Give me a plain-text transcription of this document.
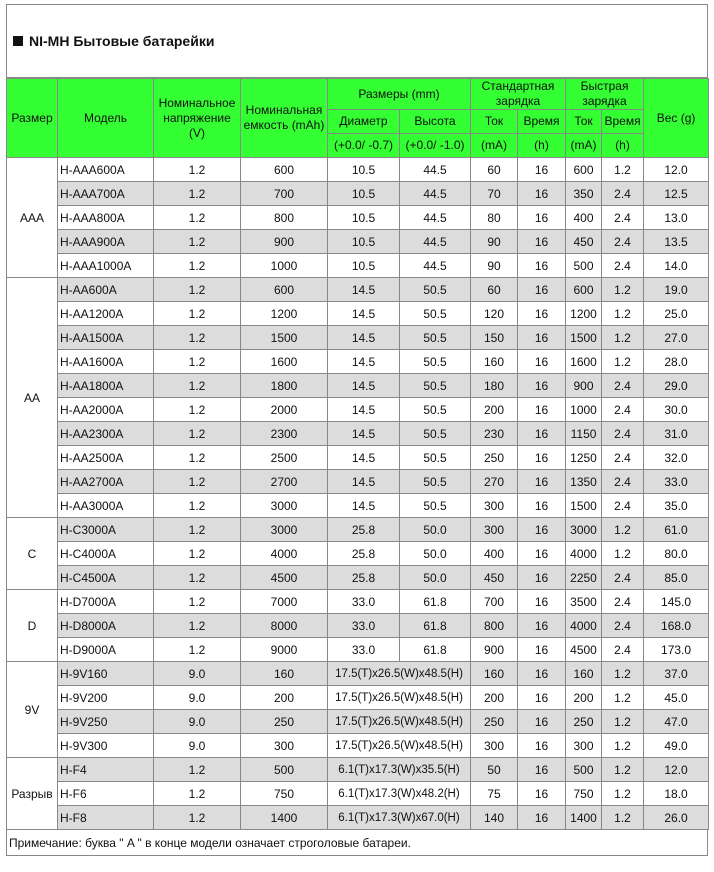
NI-MH Бытовые батарейки
Размер	Модель	Номинальное напряжение (V)	Номинальная емкость (mAh)	Размеры (mm)		Стандартная зарядка		Быстрая зарядка		Вес (g)
				Диаметр	Высота	Ток	Время	Ток	Время	
				(+0.0/ -0.7)	(+0.0/ -1.0)	(mA)	(h)	(mA)	(h)	
AAA	H-AAA600A	1.2	600	10.5	44.5	60	16	600	1.2	12.0
	H-AAA700A	1.2	700	10.5	44.5	70	16	350	2.4	12.5
	H-AAA800A	1.2	800	10.5	44.5	80	16	400	2.4	13.0
	H-AAA900A	1.2	900	10.5	44.5	90	16	450	2.4	13.5
	H-AAA1000A	1.2	1000	10.5	44.5	90	16	500	2.4	14.0
AA	H-AA600A	1.2	600	14.5	50.5	60	16	600	1.2	19.0
	H-AA1200A	1.2	1200	14.5	50.5	120	16	1200	1.2	25.0
	H-AA1500A	1.2	1500	14.5	50.5	150	16	1500	1.2	27.0
	H-AA1600A	1.2	1600	14.5	50.5	160	16	1600	1.2	28.0
	H-AA1800A	1.2	1800	14.5	50.5	180	16	900	2.4	29.0
	H-AA2000A	1.2	2000	14.5	50.5	200	16	1000	2.4	30.0
	H-AA2300A	1.2	2300	14.5	50.5	230	16	1150	2.4	31.0
	H-AA2500A	1.2	2500	14.5	50.5	250	16	1250	2.4	32.0
	H-AA2700A	1.2	2700	14.5	50.5	270	16	1350	2.4	33.0
	H-AA3000A	1.2	3000	14.5	50.5	300	16	1500	2.4	35.0
C	H-C3000A	1.2	3000	25.8	50.0	300	16	3000	1.2	61.0
	H-C4000A	1.2	4000	25.8	50.0	400	16	4000	1.2	80.0
	H-C4500A	1.2	4500	25.8	50.0	450	16	2250	2.4	85.0
D	H-D7000A	1.2	7000	33.0	61.8	700	16	3500	2.4	145.0
	H-D8000A	1.2	8000	33.0	61.8	800	16	4000	2.4	168.0
	H-D9000A	1.2	9000	33.0	61.8	900	16	4500	2.4	173.0
9V	H-9V160	9.0	160	17.5(T)x26.5(W)x48.5(H)		160	16	160	1.2	37.0
	H-9V200	9.0	200	17.5(T)x26.5(W)x48.5(H)		200	16	200	1.2	45.0
	H-9V250	9.0	250	17.5(T)x26.5(W)x48.5(H)		250	16	250	1.2	47.0
	H-9V300	9.0	300	17.5(T)x26.5(W)x48.5(H)		300	16	300	1.2	49.0
Разрыв	H-F4	1.2	500	6.1(T)x17.3(W)x35.5(H)		50	16	500	1.2	12.0
	H-F6	1.2	750	6.1(T)x17.3(W)x48.2(H)		75	16	750	1.2	18.0
	H-F8	1.2	1400	6.1(T)x17.3(W)x67.0(H)		140	16	1400	1.2	26.0
Примечание: буква " A " в конце модели означает строголовые батареи.
